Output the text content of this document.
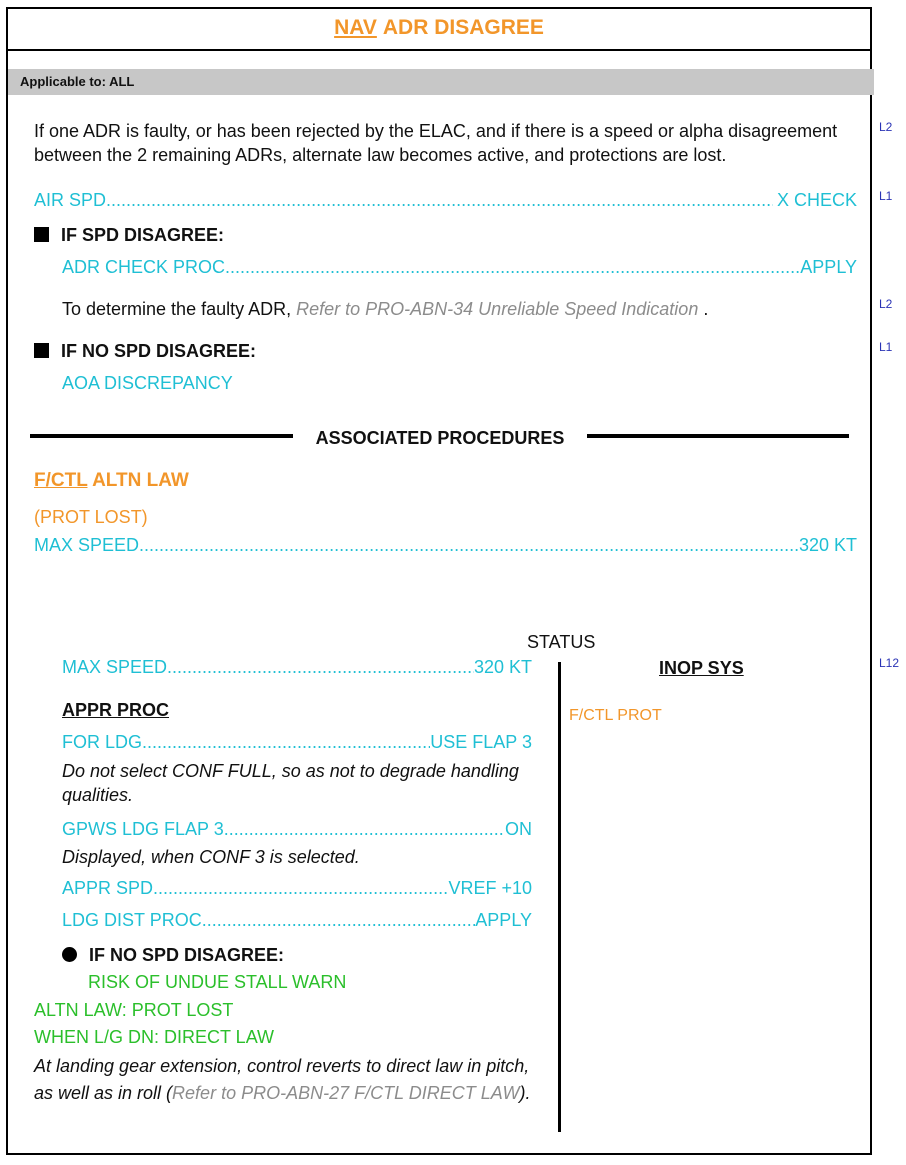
NAV ADR DISAGREE
Applicable to: ALL
L2
L1
L2
L1
L12
If one ADR is faulty, or has been rejected by the ELAC, and if there is a speed or alpha disagreement between the 2 remaining ADRs, alternate law becomes active, and protections are lost.
AIR SPD .....	X CHECK
IF SPD DISAGREE:
ADR CHECK PROC .....	APPLY
To determine the faulty ADR, Refer to PRO-ABN-34 Unreliable Speed Indication .
IF NO SPD DISAGREE:
AOA DISCREPANCY
ASSOCIATED PROCEDURES
F/CTL ALTN LAW
(PROT LOST)
MAX SPEED .....	320 KT
STATUS
MAX SPEED .....	320 KT
APPR PROC
FOR LDG .....	USE FLAP 3
Do not select CONF FULL, so as not to degrade handling qualities.
GPWS LDG FLAP 3 .....	ON
Displayed, when CONF 3 is selected.
APPR SPD .....	VREF +10
LDG DIST PROC .....	APPLY
IF NO SPD DISAGREE:
RISK OF UNDUE STALL WARN
ALTN LAW: PROT LOST
WHEN L/G DN: DIRECT LAW
At landing gear extension, control reverts to direct law in pitch, as well as in roll (Refer to PRO-ABN-27 F/CTL DIRECT LAW).
INOP SYS
F/CTL PROT
